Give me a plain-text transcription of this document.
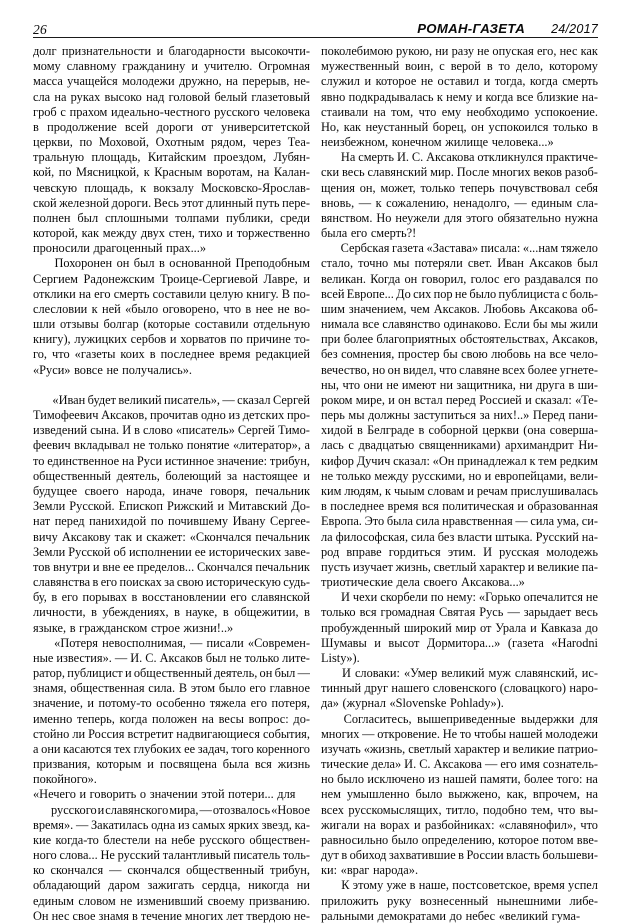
26	РОМАН-ГАЗЕТА 24/2017
долг признательности и благодарности высокочти-
мому славному гражданину и учителю. Огромная
масса учащейся молодежи дружно, на перерыв, не-
сла на руках высоко над головой белый глазетовый
гроб с прахом идеально-честного русского человека
в продолжение всей дороги от университетской
церкви, по Моховой, Охотным рядом, через Теа-
тральную площадь, Китайским проездом, Лубян-
кой, по Мясницкой, к Красным воротам, на Калан-
чевскую площадь, к вокзалу Московско-Ярослав-
ской железной дороги. Весь этот длинный путь пере-
полнен был сплошными толпами публики, среди
которой, как между двух стен, тихо и торжественно
проносили драгоценный прах...»
Похоронен он был в основанной Преподобным
Сергием Радонежским Троице-Сергиевой Лавре, и
отклики на его смерть составили целую книгу. В по-
слесловии к ней «было оговорено, что в нее не во-
шли отзывы болгар (которые составили отдельную
книгу), лужицких сербов и хорватов по причине то-
го, что «газеты коих в последнее время редакцией
«Руси» вовсе не получались».
«Иван будет великий писатель», — сказал Сергей
Тимофеевич Аксаков, прочитав одно из детских про-
изведений сына. И в слово «писатель» Сергей Тимо-
феевич вкладывал не только понятие «литератор», а
то единственное на Руси истинное значение: трибун,
общественный деятель, болеющий за настоящее и
будущее своего народа, иначе говоря, печальник
Земли Русской. Епископ Рижский и Митавский До-
нат перед панихидой по почившему Ивану Сергее-
вичу Аксакову так и скажет: «Скончался печальник
Земли Русской об исполнении ее исторических заве-
тов внутри и вне ее пределов... Скончался печальник
славянства в его поисках за свою историческую судь-
бу, в его порывах в восстановлении его славянской
личности, в убеждениях, в науке, в общежитии, в
языке, в гражданском строе жизни!..»
«Потеря невосполнимая, — писали «Современ-
ные известия». — И. С. Аксаков был не только лите-
ратор, публицист и общественный деятель, он был —
знамя, общественная сила. В этом было его главное
значение, и потому-то особенно тяжела его потеря,
именно теперь, когда положен на весы вопрос: до-
стойно ли Россия встретит надвигающиеся события,
а они касаются тех глубоких ее задач, того коренного
призвания, которым и посвящена была вся жизнь
покойного».
«Нечего и говорить о значении этой потери... для
русского и славянского мира, — отозвалось «Новое
время». — Закатилась одна из самых ярких звезд, ка-
кие когда-то блестели на небе русского обществен-
ного слова... Не русский талантливый писатель толь-
ко скончался — скончался общественный трибун,
обладающий даром зажигать сердца, никогда ни
единым словом не изменивший своему призванию.
Он нес свое знамя в течение многих лет твердою не-
поколебимою рукою, ни разу не опуская его, нес как
мужественный воин, с верой в то дело, которому
служил и которое не оставил и тогда, когда смерть
явно подкрадывалась к нему и когда все близкие на-
стаивали на том, что ему необходимо успокоение.
Но, как неустанный борец, он успокоился только в
неизбежном, конечном жилище человека...»
На смерть И. С. Аксакова откликнулся практиче-
ски весь славянский мир. После многих веков разоб-
щения он, может, только теперь почувствовал себя
вновь, — к сожалению, ненадолго, — единым сла-
вянством. Но неужели для этого обязательно нужна
была его смерть?!
Сербская газета «Застава» писала: «...нам тяжело
стало, точно мы потеряли свет. Иван Аксаков был
великан. Когда он говорил, голос его раздавался по
всей Европе... До сих пор не было публициста с боль-
шим значением, чем Аксаков. Любовь Аксакова об-
нимала все славянство одинаково. Если бы мы жили
при более благоприятных обстоятельствах, Аксаков,
без сомнения, простер бы свою любовь на все чело-
вечество, но он видел, что славяне всех более угнете-
ны, что они не имеют ни защитника, ни друга в ши-
роком мире, и он встал перед Россией и сказал: «Те-
перь мы должны заступиться за них!..» Перед пани-
хидой в Белграде в соборной церкви (она соверша-
лась с двадцатью священниками) архимандрит Ни-
кифор Дучич сказал: «Он принадлежал к тем редким
не только между русскими, но и европейцами, вели-
ким людям, к чыым словам и речам прислушивалась
в последнее время вся политическая и образованная
Европа. Это была сила нравственная — сила ума, си-
ла философская, сила без власти штыка. Русский на-
род вправе гордиться этим. И русская молодежь
пусть изучает жизнь, светлый характер и великие па-
триотические дела своего Аксакова...»
И чехи скорбели по нему: «Горько опечалится не
только вся громадная Святая Русь — зарыдает весь
пробужденный широкий мир от Урала и Кавказа до
Шумавы и высот Дормитора...» (газета «Harodni
Listy»).
И словаки: «Умер великий муж славянский, ис-
тинный друг нашего словенского (словацкого) наро-
да» (журнал «Slovenske Pohlady»).
Согласитесь, вышеприведенные выдержки для
многих — откровение. Не то чтобы нашей молодежи
изучать «жизнь, светлый характер и великие патрио-
тические дела» И. С. Аксакова — его имя сознатель-
но было исключено из нашей памяти, более того: на
нем умышленно было выжжено, как, впрочем, на
всех русскомыслящих, титло, подобно тем, что вы-
жигали на ворах и разбойниках: «славянофил», что
равносильно было определению, которое потом вве-
дут в обиход захватившие в России власть большеви-
ки: «враг народа».
К этому уже в наше, постсоветское, время успел
приложить руку вознесенный нынешними либе-
ральными демократами до небес «великий гума-
